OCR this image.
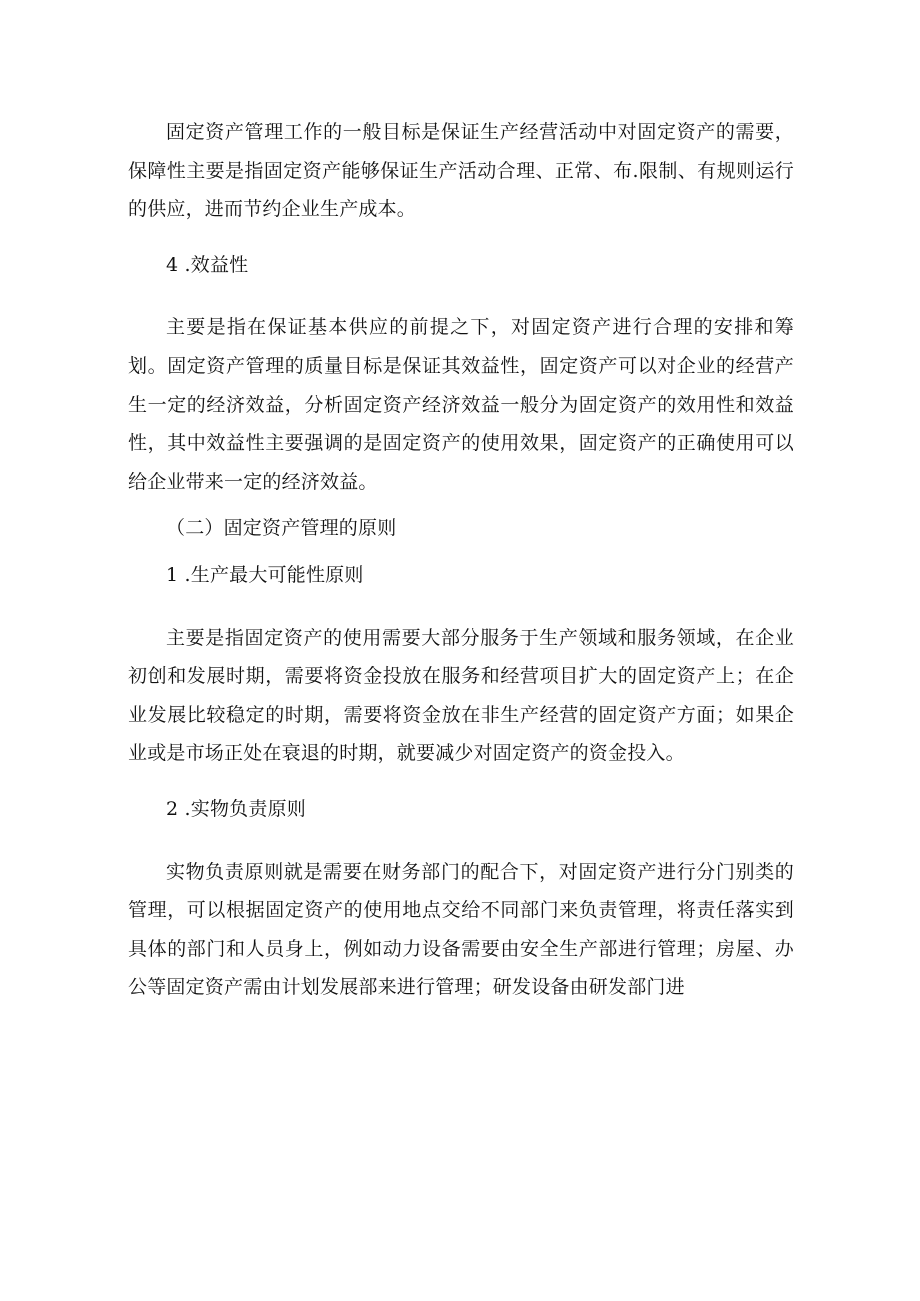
固定资产管理工作的一般目标是保证生产经营活动中对固定资产的需要，保障性主要是指固定资产能够保证生产活动合理、正常、布.限制、有规则运行的供应，进而节约企业生产成本。

4 .效益性

主要是指在保证基本供应的前提之下，对固定资产进行合理的安排和筹划。固定资产管理的质量目标是保证其效益性，固定资产可以对企业的经营产生一定的经济效益，分析固定资产经济效益一般分为固定资产的效用性和效益性，其中效益性主要强调的是固定资产的使用效果，固定资产的正确使用可以给企业带来一定的经济效益。

（二）固定资产管理的原则

1 .生产最大可能性原则

主要是指固定资产的使用需要大部分服务于生产领域和服务领域，在企业初创和发展时期，需要将资金投放在服务和经营项目扩大的固定资产上；在企业发展比较稳定的时期，需要将资金放在非生产经营的固定资产方面；如果企业或是市场正处在衰退的时期，就要减少对固定资产的资金投入。

2 .实物负责原则

实物负责原则就是需要在财务部门的配合下，对固定资产进行分门别类的管理，可以根据固定资产的使用地点交给不同部门来负责管理，将责任落实到具体的部门和人员身上，例如动力设备需要由安全生产部进行管理；房屋、办公等固定资产需由计划发展部来进行管理；研发设备由研发部门进
